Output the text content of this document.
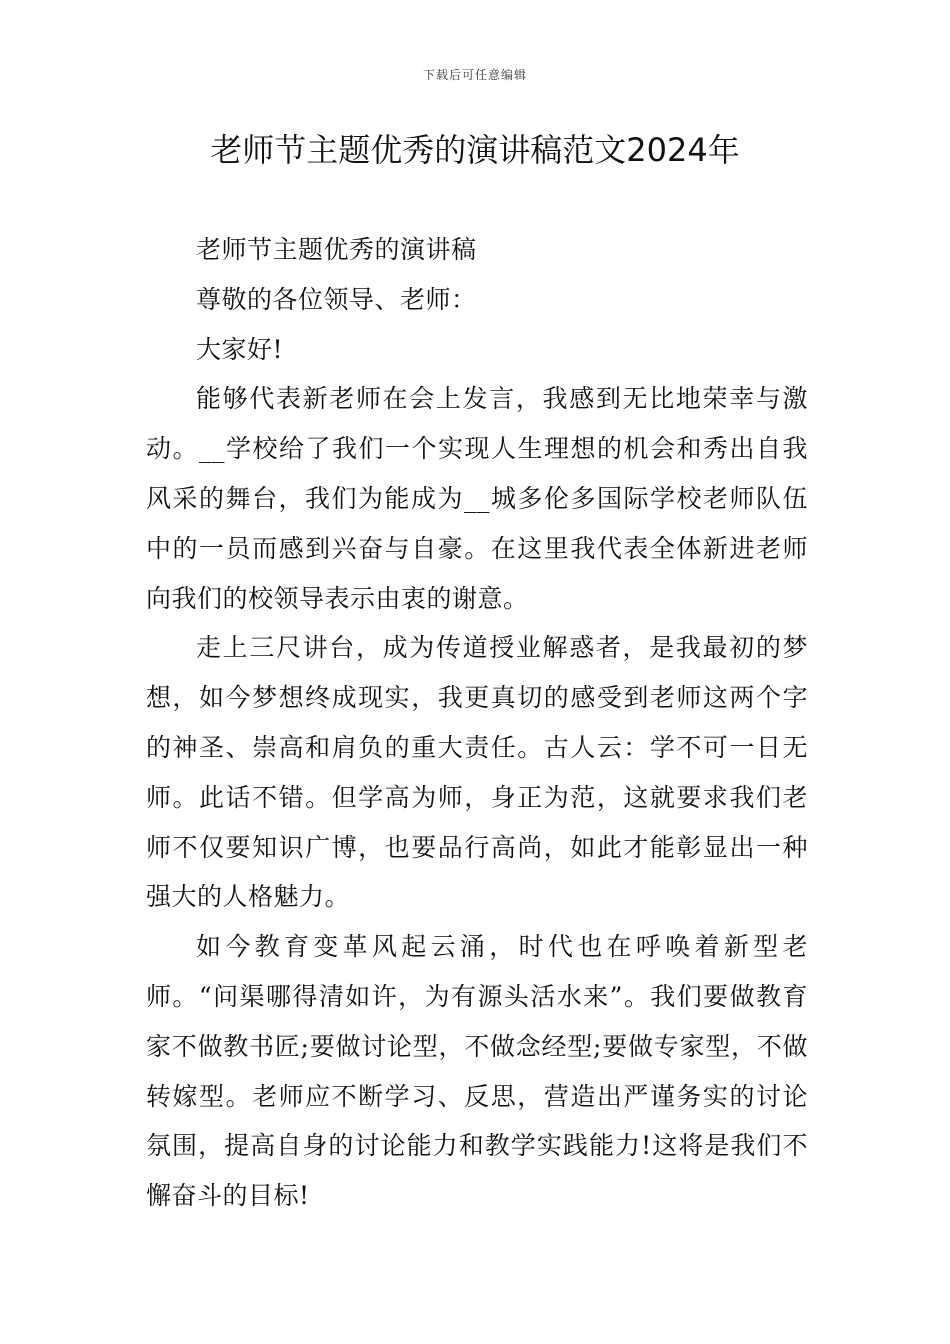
下载后可任意编辑
老师节主题优秀的演讲稿范文2024年

老师节主题优秀的演讲稿

尊敬的各位领导、老师：

大家好!

能够代表新老师在会上发言，我感到无比地荣幸与激动。__学校给了我们一个实现人生理想的机会和秀出自我风采的舞台，我们为能成为__城多伦多国际学校老师队伍中的一员而感到兴奋与自豪。在这里我代表全体新进老师向我们的校领导表示由衷的谢意。

走上三尺讲台，成为传道授业解惑者，是我最初的梦想，如今梦想终成现实，我更真切的感受到老师这两个字的神圣、崇高和肩负的重大责任。古人云：学不可一日无师。此话不错。但学高为师，身正为范，这就要求我们老师不仅要知识广博，也要品行高尚，如此才能彰显出一种强大的人格魅力。

如今教育变革风起云涌，时代也在呼唤着新型老师。“问渠哪得清如许，为有源头活水来”。我们要做教育家不做教书匠;要做讨论型，不做念经型;要做专家型，不做转嫁型。老师应不断学习、反思，营造出严谨务实的讨论氛围，提高自身的讨论能力和教学实践能力!这将是我们不懈奋斗的目标!
